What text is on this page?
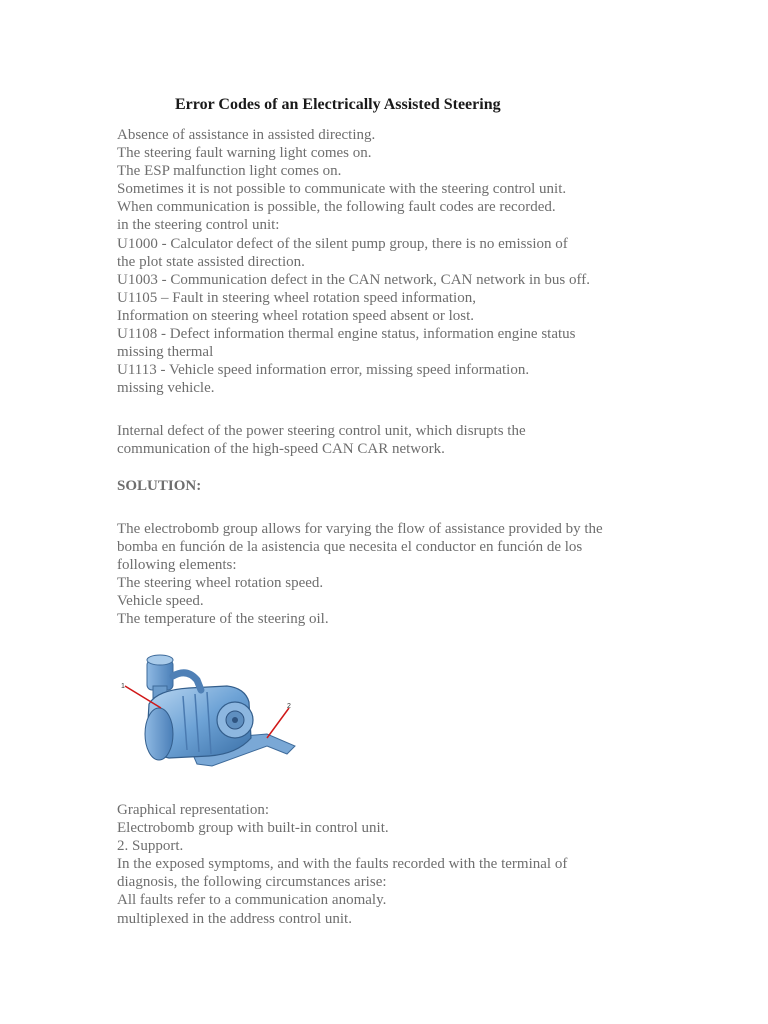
Error Codes of an Electrically Assisted Steering
Absence of assistance in assisted directing.
The steering fault warning light comes on.
The ESP malfunction light comes on.
Sometimes it is not possible to communicate with the steering control unit.
When communication is possible, the following fault codes are recorded.
in the steering control unit:
U1000 - Calculator defect of the silent pump group, there is no emission of
the plot state assisted direction.
U1003 - Communication defect in the CAN network, CAN network in bus off.
U1105 – Fault in steering wheel rotation speed information,
Information on steering wheel rotation speed absent or lost.
U1108 - Defect information thermal engine status, information engine status
missing thermal
U1113 - Vehicle speed information error, missing speed information.
missing vehicle.
Internal defect of the power steering control unit, which disrupts the
communication of the high-speed CAN CAR network.
SOLUTION:
The electrobomb group allows for varying the flow of assistance provided by the
bomba en función de la asistencia que necesita el conductor en función de los
following elements:
The steering wheel rotation speed.
Vehicle speed.
The temperature of the steering oil.
1
2
Graphical representation:
Electrobomb group with built-in control unit.
2. Support.
In the exposed symptoms, and with the faults recorded with the terminal of
diagnosis, the following circumstances arise:
All faults refer to a communication anomaly.
multiplexed in the address control unit.
